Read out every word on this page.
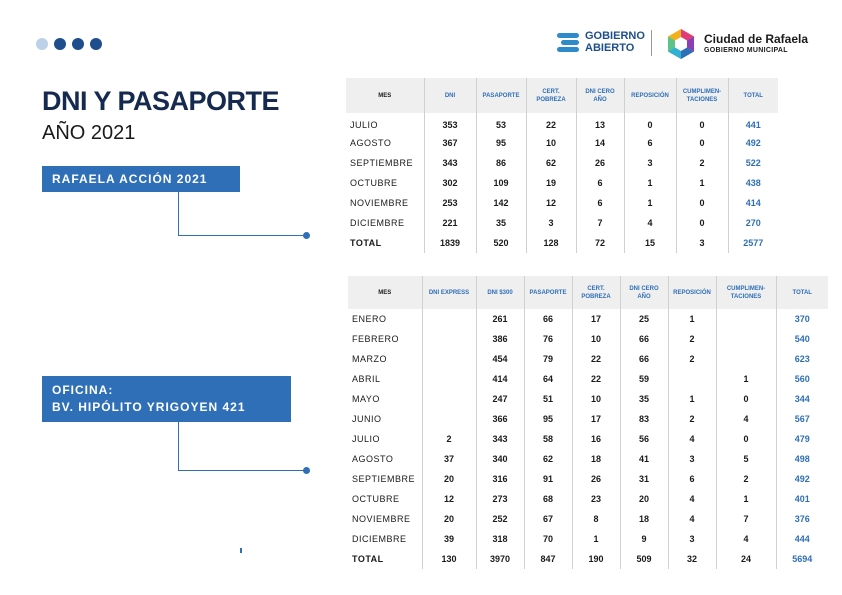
GOBIERNO
ABIERTO
Ciudad de Rafaela
GOBIERNO MUNICIPAL
DNI Y PASAPORTE
AÑO 2021
RAFAELA ACCIÓN 2021
OFICINA:
BV. HIPÓLITO YRIGOYEN 421
MES	DNI	PASAPORTE	CERT. POBREZA	DNI CERO AÑO	REPOSICIÓN	CUMPLIMEN- TACIONES	TOTAL
JULIO	353	53	22	13	0	0	441
AGOSTO	367	95	10	14	6	0	492
SEPTIEMBRE	343	86	62	26	3	2	522
OCTUBRE	302	109	19	6	1	1	438
NOVIEMBRE	253	142	12	6	1	0	414
DICIEMBRE	221	35	3	7	4	0	270
TOTAL	1839	520	128	72	15	3	2577
MES	DNI EXPRESS	DNI $300	PASAPORTE	CERT. POBREZA	DNI CERO AÑO	REPOSICIÓN	CUMPLIMEN- TACIONES	TOTAL
ENERO		261	66	17	25	1		370
FEBRERO		386	76	10	66	2		540
MARZO		454	79	22	66	2		623
ABRIL		414	64	22	59		1	560
MAYO		247	51	10	35	1	0	344
JUNIO		366	95	17	83	2	4	567
JULIO	2	343	58	16	56	4	0	479
AGOSTO	37	340	62	18	41	3	5	498
SEPTIEMBRE	20	316	91	26	31	6	2	492
OCTUBRE	12	273	68	23	20	4	1	401
NOVIEMBRE	20	252	67	8	18	4	7	376
DICIEMBRE	39	318	70	1	9	3	4	444
TOTAL	130	3970	847	190	509	32	24	5694
